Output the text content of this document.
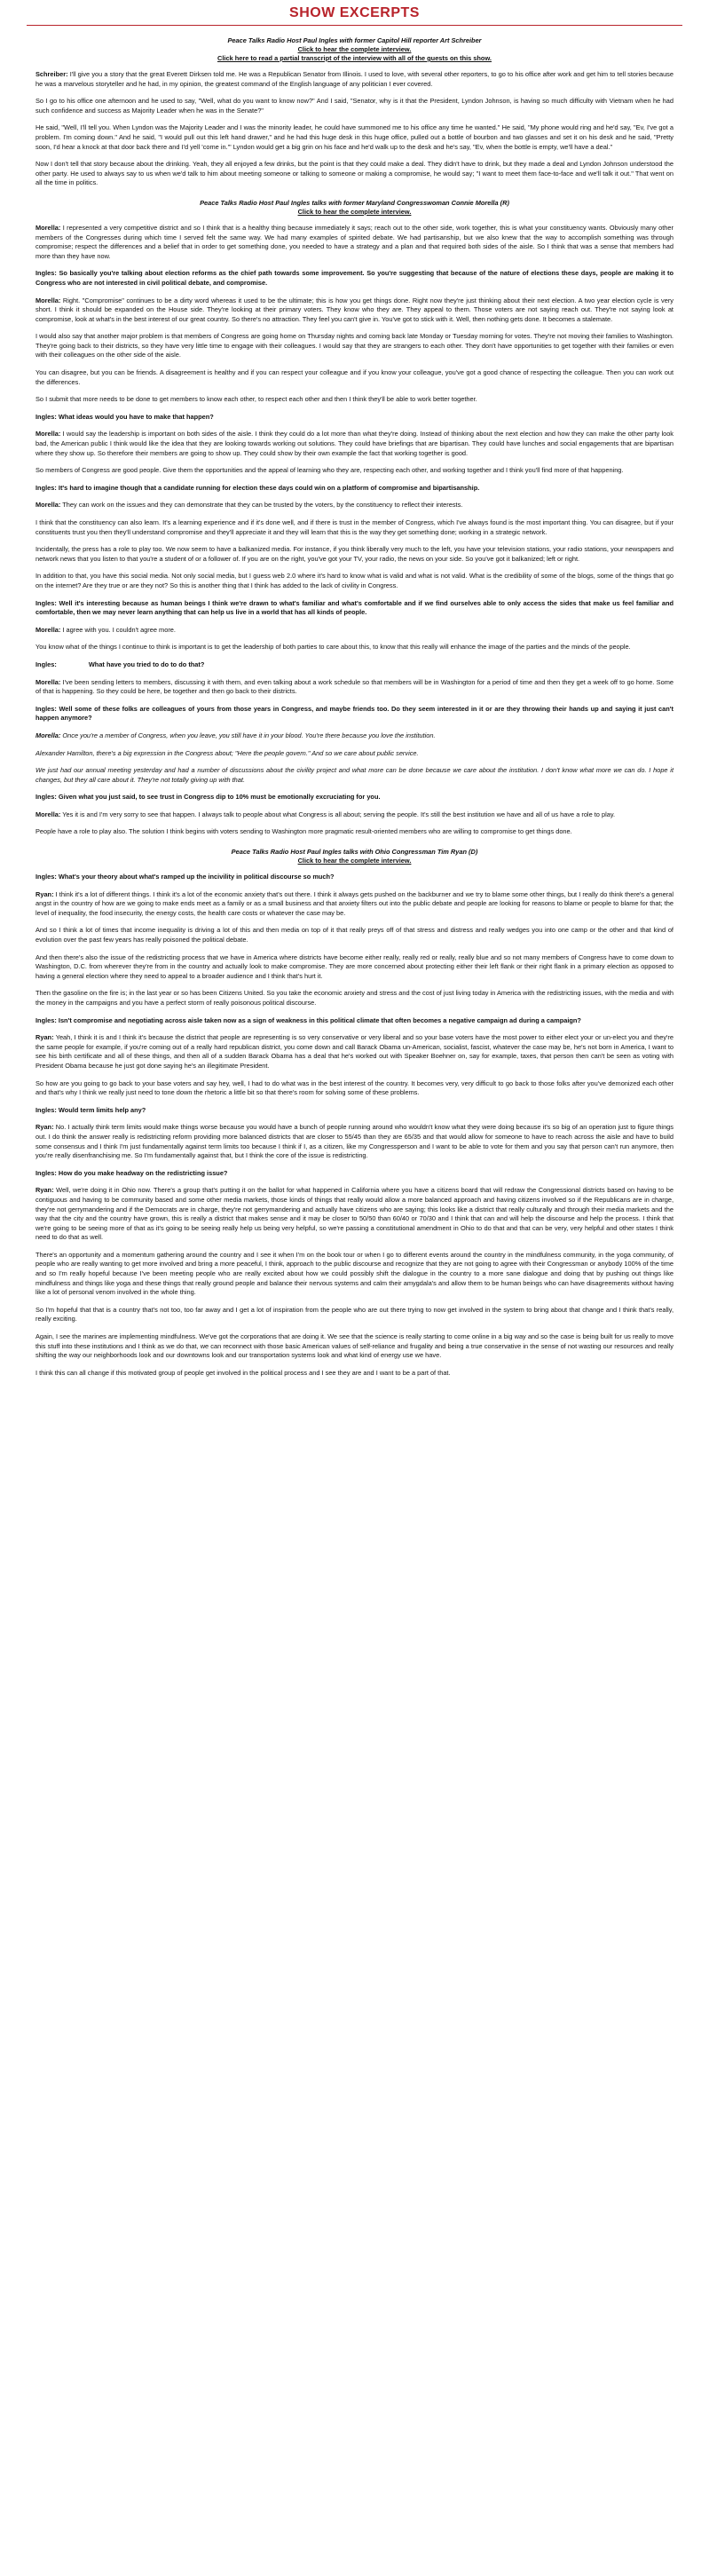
SHOW EXCERPTS
Peace Talks Radio Host Paul Ingles with former Capitol Hill reporter Art Schreiber
Click to hear the complete interview.
Click here to read a partial transcript of the interview with all of the guests on this show.

Schreiber: I'll give you a story that the great Everett Dirksen told me. He was a Republican Senator from Illinois. I used to love, with several other reporters, to go to his office after work and get him to tell stories because he was a marvelous storyteller and he had, in my opinion, the greatest command of the English language of any politician I ever covered.

So I go to his office one afternoon and he used to say, "Well, what do you want to know now?" And I said, "Senator, why is it that the President, Lyndon Johnson, is having so much difficulty with Vietnam when he had such confidence and success as Majority Leader when he was in the Senate?"

He said, "Well, I'll tell you. When Lyndon was the Majority Leader and I was the minority leader, he could have summoned me to his office any time he wanted." He said, "My phone would ring and he'd say, "Ev, I've got a problem. I'm coming down." And he said, "I would pull out this left hand drawer," and he had this huge desk in this huge office, pulled out a bottle of bourbon and two glasses and set it on his desk and he said, "Pretty soon, I'd hear a knock at that door back there and I'd yell 'come in.'" Lyndon would get a big grin on his face and he'd walk up to the desk and he's say, "Ev, when the bottle is empty, we'll have a deal."

Now I don't tell that story because about the drinking. Yeah, they all enjoyed a few drinks, but the point is that they could make a deal. They didn't have to drink, but they made a deal and Lyndon Johnson understood the other party. He used to always say to us when we'd talk to him about meeting someone or talking to someone or making a compromise, he would say; "I want to meet them face-to-face and we'll talk it out." That went on all the time in politics.

Peace Talks Radio Host Paul Ingles talks with former Maryland Congresswoman Connie Morella (R)
Click to hear the complete interview.

Morella: I represented a very competitive district and so I think that is a healthy thing because immediately it says; reach out to the other side, work together, this is what your constituency wants. Obviously many other members of the Congresses during which time I served felt the same way. We had many examples of spirited debate. We had partisanship, but we also knew that the way to accomplish something was through compromise; respect the differences and a belief that in order to get something done, you needed to have a strategy and a plan and that required both sides of the aisle. So I think that was a sense that members had more than they have now.

Ingles: So basically you're talking about election reforms as the chief path towards some improvement. So you're suggesting that because of the nature of elections these days, people are making it to Congress who are not interested in civil political debate, and compromise.

Morella: Right. "Compromise" continues to be a dirty word whereas it used to be the ultimate; this is how you get things done. Right now they're just thinking about their next election. A two year election cycle is very short. I think it should be expanded on the House side. They're looking at their primary voters. They know who they are. They appeal to them. Those voters are not saying reach out. They're not saying look at compromise, look at what's in the best interest of our great country. So there's no attraction. They feel you can't give in. You've got to stick with it. Well, then nothing gets done. It becomes a stalemate.

I would also say that another major problem is that members of Congress are going home on Thursday nights and coming back late Monday or Tuesday morning for votes. They're not moving their families to Washington. They're going back to their districts, so they have very little time to engage with their colleagues. I would say that they are strangers to each other. They don't have opportunities to get together with their families or even with their colleagues on the other side of the aisle.

You can disagree, but you can be friends. A disagreement is healthy and if you can respect your colleague and if you know your colleague, you've got a good chance of respecting the colleague. Then you can work out the differences.

So I submit that more needs to be done to get members to know each other, to respect each other and then I think they'll be able to work better together.

Ingles: What ideas would you have to make that happen?

Morella: I would say the leadership is important on both sides of the aisle. I think they could do a lot more than what they're doing. Instead of thinking about the next election and how they can make the other party look bad, the American public I think would like the idea that they are looking towards working out solutions. They could have briefings that are bipartisan. They could have lunches and social engagements that are bipartisan where they show up. So therefore their members are going to show up. They could show by their own example the fact that working together is good.

So members of Congress are good people. Give them the opportunities and the appeal of learning who they are, respecting each other, and working together and I think you'll find more of that happening.

Ingles: It's hard to imagine though that a candidate running for election these days could win on a platform of compromise and bipartisanship.

Morella: They can work on the issues and they can demonstrate that they can be trusted by the voters, by the constituency to reflect their interests.

I think that the constituency can also learn. It's a learning experience and if it's done well, and if there is trust in the member of Congress, which I've always found is the most important thing. You can disagree, but if your constituents trust you then they'll understand compromise and they'll appreciate it and they will learn that this is the way they get something done; working in a strategic network.

Incidentally, the press has a role to play too. We now seem to have a balkanized media. For instance, if you think liberally very much to the left, you have your television stations, your radio stations, your newspapers and network news that you listen to that you're a student of or a follower of. If you are on the right, you've got your TV, your radio, the news on your side. So you've got it balkanized; left or right.

In addition to that, you have this social media. Not only social media, but I guess web 2.0 where it's hard to know what is valid and what is not valid. What is the credibility of some of the blogs, some of the things that go on the internet? Are they true or are they not? So this is another thing that I think has added to the lack of civility in Congress.

Ingles: Well it's interesting because as human beings I think we're drawn to what's familiar and what's comfortable and if we find ourselves able to only access the sides that make us feel familiar and comfortable, then we may never learn anything that can help us live in a world that has all kinds of people.

Morella: I agree with you. I couldn't agree more.

You know what of the things I continue to think is important is to get the leadership of both parties to care about this, to know that this really will enhance the image of the parties and the minds of the people.

Ingles:	What have you tried to do to do that?

Morella: I've been sending letters to members, discussing it with them, and even talking about a work schedule so that members will be in Washington for a period of time and then they get a week off to go home. Some of that is happening. So they could be here, be together and then go back to their districts.

Ingles: Well some of these folks are colleagues of yours from those years in Congress, and maybe friends too. Do they seem interested in it or are they throwing their hands up and saying it just can't happen anymore?

Morella: Once you're a member of Congress, when you leave, you still have it in your blood. You're there because you love the institution.

Alexander Hamilton, there's a big expression in the Congress about; "Here the people govern." And so we care about public service.

We just had our annual meeting yesterday and had a number of discussions about the civility project and what more can be done because we care about the institution. I don't know what more we can do. I hope it changes, but they all care about it. They're not totally giving up with that.

Ingles: Given what you just said, to see trust in Congress dip to 10% must be emotionally excruciating for you.

Morella: Yes it is and I'm very sorry to see that happen. I always talk to people about what Congress is all about; serving the people. It's still the best institution we have and all of us have a role to play.

People have a role to play also. The solution I think begins with voters sending to Washington more pragmatic result-oriented members who are willing to compromise to get things done.

Peace Talks Radio Host Paul Ingles talks with Ohio Congressman Tim Ryan (D)
Click to hear the complete interview.

Ingles: What's your theory about what's ramped up the incivility in political discourse so much?

Ryan: I think it's a lot of different things. I think it's a lot of the economic anxiety that's out there. I think it always gets pushed on the backburner and we try to blame some other things, but I really do think there's a general angst in the country of how are we going to make ends meet as a family or as a small business and that anxiety filters out into the public debate and people are looking for reasons to blame or people to blame for that; the level of inequality, the food insecurity, the energy costs, the health care costs or whatever the case may be.

And so I think a lot of times that income inequality is driving a lot of this and then media on top of it that really preys off of that stress and distress and really wedges you into one camp or the other and that kind of evolution over the past few years has really poisoned the political debate.

And then there's also the issue of the redistricting process that we have in America where districts have become either really, really red or really, really blue and so not many members of Congress have to come down to Washington, D.C. from wherever they're from in the country and actually look to make compromise. They are more concerned about protecting either their left flank or their right flank in a primary election as opposed to having a general election where they need to appeal to a broader audience and I think that's hurt it.

Then the gasoline on the fire is; in the last year or so has been Citizens United. So you take the economic anxiety and stress and the cost of just living today in America with the redistricting issues, with the media and with the money in the campaigns and you have a perfect storm of really poisonous political discourse.

Ingles: Isn't compromise and negotiating across aisle taken now as a sign of weakness in this political climate that often becomes a negative campaign ad during a campaign?

Ryan: Yeah, I think it is and I think it's because the district that people are representing is so very conservative or very liberal and so your base voters have the most power to either elect your or un-elect you and they're the same people for example, if you're coming out of a really hard republican district, you come down and call Barack Obama un-American, socialist, fascist, whatever the case may be, he's not born in America, I want to see his birth certificate and all of these things, and then all of a sudden Barack Obama has a deal that he's worked out with Speaker Boehner on, say for example, taxes, that person then can't be seen as voting with President Obama because he just got done saying he's an illegitimate President.

So how are you going to go back to your base voters and say hey, well, I had to do what was in the best interest of the country. It becomes very, very difficult to go back to those folks after you've demonized each other and that's why I think we really just need to tone down the rhetoric a little bit so that there's room for solving some of these problems.

Ingles: Would term limits help any?

Ryan: No. I actually think term limits would make things worse because you would have a bunch of people running around who wouldn't know what they were doing because it's so big of an operation just to figure things out. I do think the answer really is redistricting reform providing more balanced districts that are closer to 55/45 than they are 65/35 and that would allow for someone to have to reach across the aisle and have to build some consensus and I think I'm just fundamentally against term limits too because I think if I, as a citizen, like my Congressperson and I want to be able to vote for them and you say that person can't run anymore, then you're really disenfranchising me. So I'm fundamentally against that, but I think the core of the issue is redistricting.

Ingles: How do you make headway on the redistricting issue?

Ryan: Well, we're doing it in Ohio now. There's a group that's putting it on the ballot for what happened in California where you have a citizens board that will redraw the Congressional districts based on having to be contiguous and having to be community based and some other media markets, those kinds of things that really would allow a more balanced approach and having citizens involved so if the Republicans are in charge, they're not gerrymandering and if the Democrats are in charge, they're not gerrymandering and actually have citizens who are saying; this looks like a district that really culturally and through their media markets and the way that the city and the country have grown, this is really a district that makes sense and it may be closer to 50/50 than 60/40 or 70/30 and I think that can and will help the discourse and help the process. I think that we're going to be seeing more of that as it's going to be seeing really help us being very helpful, so we're passing a constitutional amendment in Ohio to do that and that can be very, very helpful and other states I think need to do that as well.

There's an opportunity and a momentum gathering around the country and I see it when I'm on the book tour or when I go to different events around the country in the mindfulness community, in the yoga community, of people who are really wanting to get more involved and bring a more peaceful, I think, approach to the public discourse and recognize that they are not going to agree with their Congressman or anybody 100% of the time and so I'm really hopeful because I've been meeting people who are really excited about how we could possibly shift the dialogue in the country to a more sane dialogue and doing that by pushing out things like mindfulness and things like yoga and these things that really ground people and balance their nervous systems and calm their amygdala's and allow them to be human beings who can have disagreements without having like a lot of personal venom involved in the whole thing.

So I'm hopeful that that is a country that's not too, too far away and I get a lot of inspiration from the people who are out there trying to now get involved in the system to bring about that change and I think that's really, really exciting.

Again, I see the marines are implementing mindfulness. We've got the corporations that are doing it. We see that the science is really starting to come online in a big way and so the case is being built for us really to move this stuff into these institutions and I think as we do that, we can reconnect with those basic American values of self-reliance and frugality and being a true conservative in the sense of not wasting our resources and really shifting the way our neighborhoods look and our downtowns look and our transportation systems look and what kind of energy use we have.

I think this can all change if this motivated group of people get involved in the political process and I see they are and I want to be a part of that.
